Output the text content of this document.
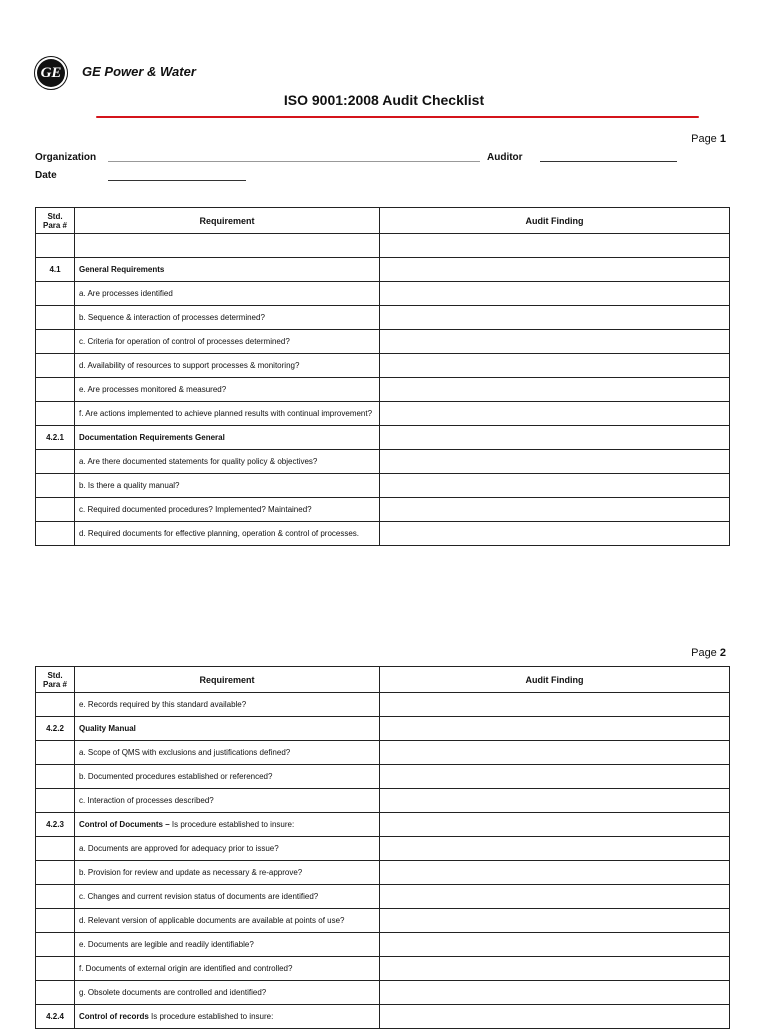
GE GE Power & Water
ISO 9001:2008 Audit Checklist
Page 1
Organization	Auditor
Date
Std. Para #	Requirement	Audit Finding

4.1	General Requirements	
	a. Are processes identified	
	b. Sequence & interaction of processes determined?	
	c. Criteria for operation of control of processes determined?	
	d. Availability of resources to support processes & monitoring?	
	e. Are processes monitored & measured?	
	f. Are actions implemented to achieve planned results with continual improvement?	
4.2.1	Documentation Requirements General	
	a. Are there documented statements for quality policy & objectives?	
	b. Is there a quality manual?	
	c. Required documented procedures? Implemented? Maintained?	
	d. Required documents for effective planning, operation & control of processes.	
Page 2
Std. Para #	Requirement	Audit Finding
	e. Records required by this standard available?	
4.2.2	Quality Manual	
	a. Scope of QMS with exclusions and justifications defined?	
	b. Documented procedures established or referenced?	
	c. Interaction of processes described?	
4.2.3	Control of Documents – Is procedure established to insure:	
	a. Documents are approved for adequacy prior to issue?	
	b. Provision for review and update as necessary & re-approve?	
	c. Changes and current revision status of documents are identified?	
	d. Relevant version of applicable documents are available at points of use?	
	e. Documents are legible and readily identifiable?	
	f. Documents of external origin are identified and controlled?	
	g. Obsolete documents are controlled and identified?	
4.2.4	Control of records Is procedure established to insure:	
